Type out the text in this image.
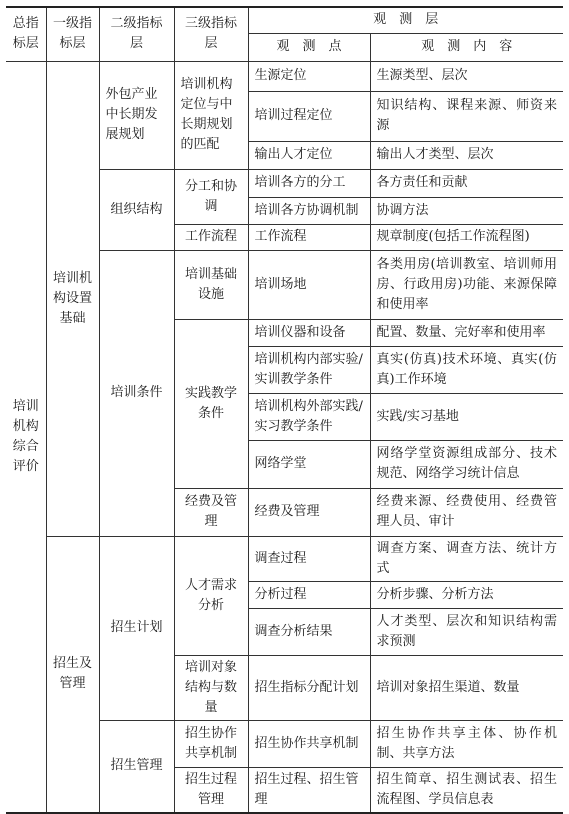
总指标层	一级指标层	二级指标层	三级指标层	观　测　层	
				观　测　点	观　测　内　容
培训机构综合评价	培训机构设置基础	外包产业中长期发展规划	培训机构定位与中长期规划的匹配	生源定位	生源类型、层次
				培训过程定位	知识结构、课程来源、师资来源
				输出人才定位	输出人才类型、层次
		组织结构	分工和协调	培训各方的分工	各方责任和贡献
				培训各方协调机制	协调方法
			工作流程	工作流程	规章制度(包括工作流程图)
		培训条件	培训基础设施	培训场地	各类用房(培训教室、培训师用房、行政用房)功能、来源保障和使用率
			实践教学条件	培训仪器和设备	配置、数量、完好率和使用率
				培训机构内部实验/实训教学条件	真实(仿真)技术环境、真实(仿真)工作环境
				培训机构外部实践/实习教学条件	实践/实习基地
				网络学堂	网络学堂资源组成部分、技术规范、网络学习统计信息
			经费及管理	经费及管理	经费来源、经费使用、经费管理人员、审计
	招生及管理	招生计划	人才需求分析	调查过程	调查方案、调查方法、统计方式
				分析过程	分析步骤、分析方法
				调查分析结果	人才类型、层次和知识结构需求预测
			培训对象结构与数量	招生指标分配计划	培训对象招生渠道、数量
		招生管理	招生协作共享机制	招生协作共享机制	招生协作共享主体、协作机制、共享方法
			招生过程管理	招生过程、招生管理	招生简章、招生测试表、招生流程图、学员信息表
